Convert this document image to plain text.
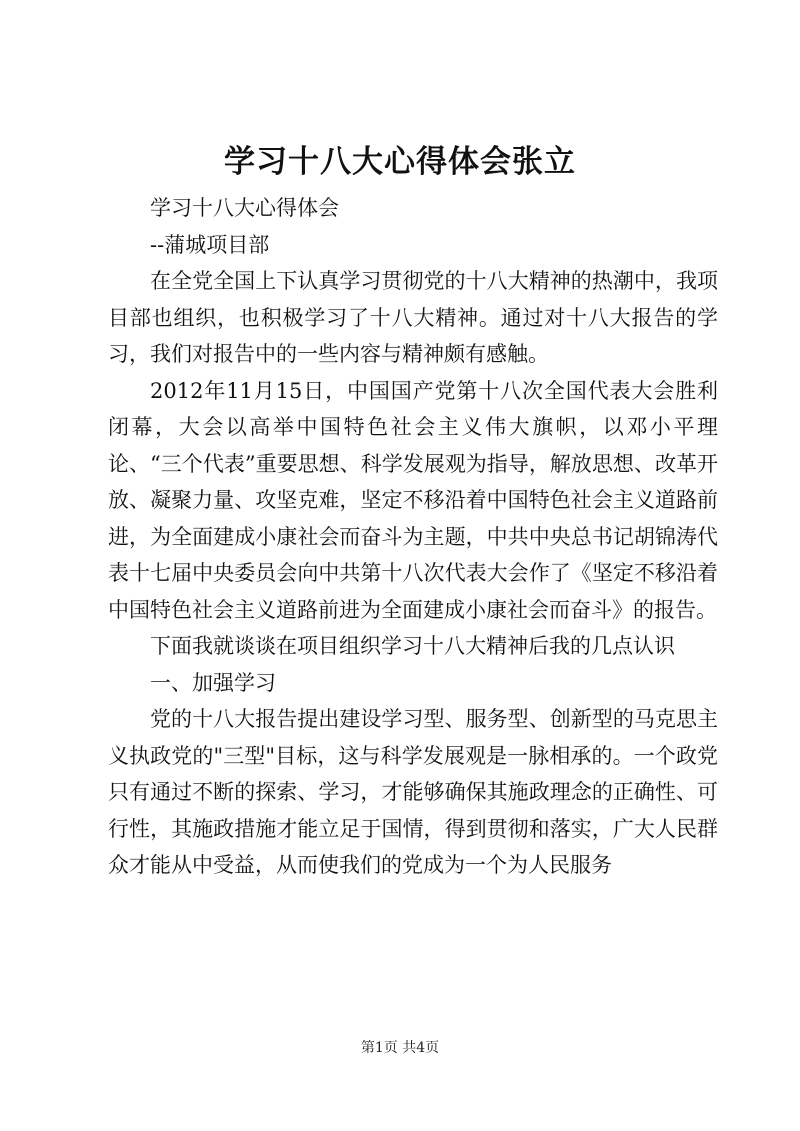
学习十八大心得体会张立

学习十八大心得体会

--蒲城项目部

在全党全国上下认真学习贯彻党的十八大精神的热潮中，我项目部也组织，也积极学习了十八大精神。通过对十八大报告的学习，我们对报告中的一些内容与精神颇有感触。

2012年11月15日，中国国产党第十八次全国代表大会胜利闭幕，大会以高举中国特色社会主义伟大旗帜，以邓小平理论、“三个代表”重要思想、科学发展观为指导，解放思想、改革开放、凝聚力量、攻坚克难，坚定不移沿着中国特色社会主义道路前进，为全面建成小康社会而奋斗为主题，中共中央总书记胡锦涛代表十七届中央委员会向中共第十八次代表大会作了《坚定不移沿着中国特色社会主义道路前进为全面建成小康社会而奋斗》的报告。

下面我就谈谈在项目组织学习十八大精神后我的几点认识

一、加强学习

党的十八大报告提出建设学习型、服务型、创新型的马克思主义执政党的"三型"目标，这与科学发展观是一脉相承的。一个政党只有通过不断的探索、学习，才能够确保其施政理念的正确性、可行性，其施政措施才能立足于国情，得到贯彻和落实，广大人民群众才能从中受益，从而使我们的党成为一个为人民服务

第1页 共4页
